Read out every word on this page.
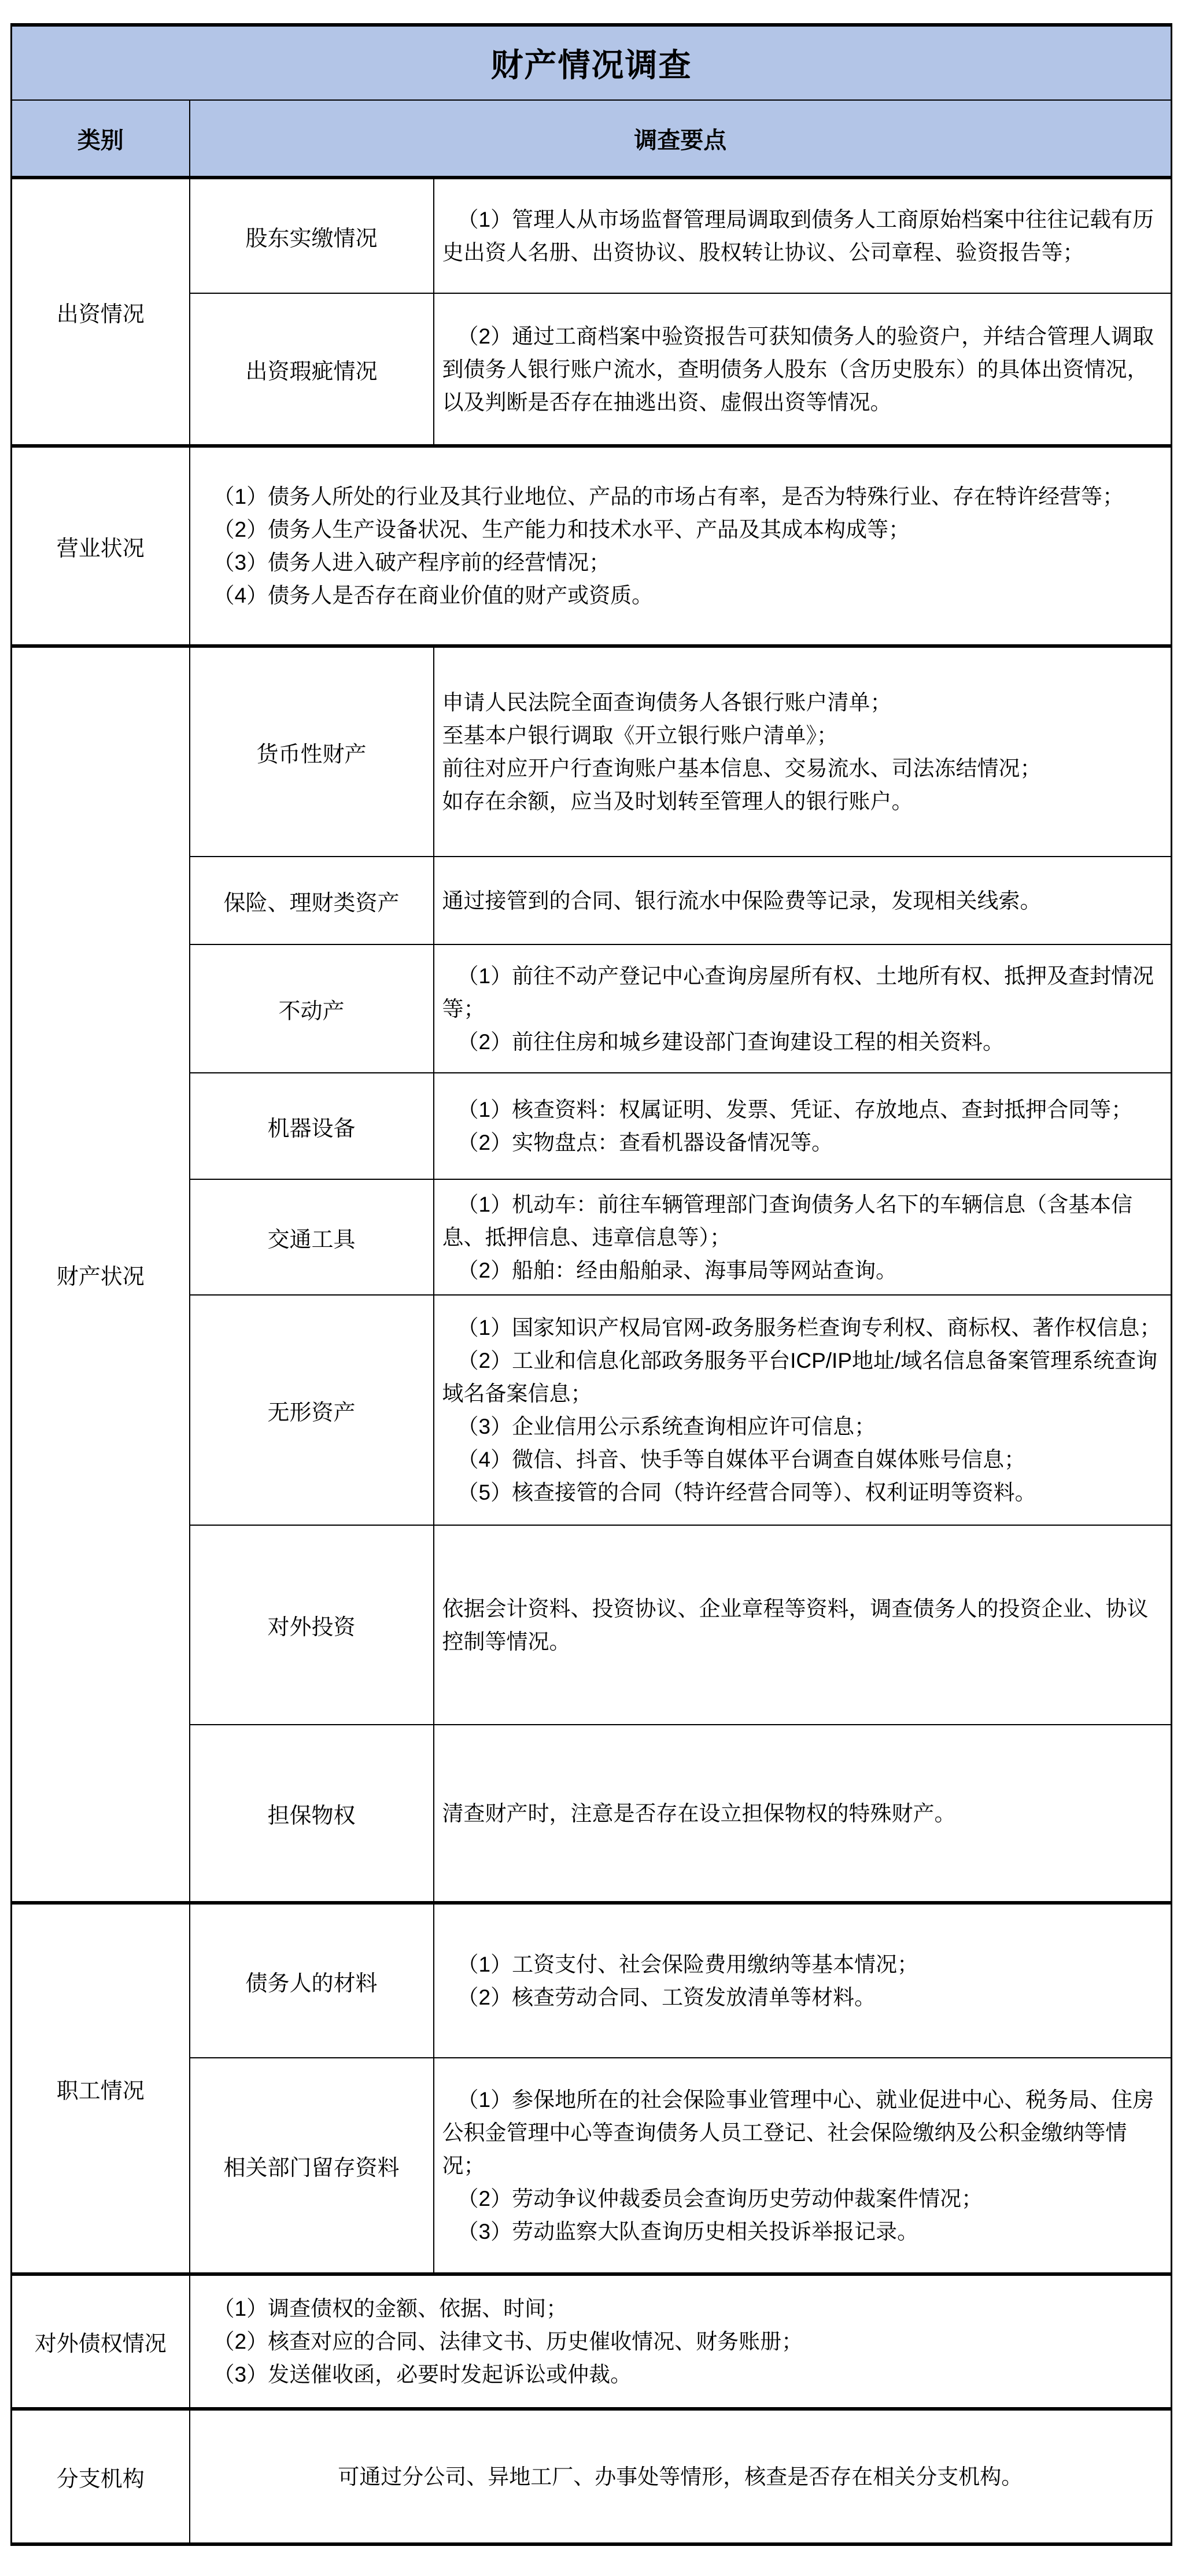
财产情况调查		
类别	调查要点	
出资情况	股东实缴情况	（1）管理人从市场监督管理局调取到债务人工商原始档案中往往记载有历史出资人名册、出资协议、股权转让协议、公司章程、验资报告等；

	出资瑕疵情况	（2）通过工商档案中验资报告可获知债务人的验资户，并结合管理人调取到债务人银行账户流水，查明债务人股东（含历史股东）的具体出资情况，以及判断是否存在抽逃出资、虚假出资等情况。

营业状况	（1）债务人所处的行业及其行业地位、产品的市场占有率，是否为特殊行业、存在特许经营等；

（2）债务人生产设备状况、生产能力和技术水平、产品及其成本构成等；

（3）债务人进入破产程序前的经营情况；

（4）债务人是否存在商业价值的财产或资质。	

财产状况	货币性财产	申请人民法院全面查询债务人各银行账户清单；

至基本户银行调取《开立银行账户清单》；

前往对应开户行查询账户基本信息、交易流水、司法冻结情况；

如存在余额，应当及时划转至管理人的银行账户。

	保险、理财类资产	通过接管到的合同、银行流水中保险费等记录，发现相关线索。

	不动产	（1）前往不动产登记中心查询房屋所有权、土地所有权、抵押及查封情况等；

（2）前往住房和城乡建设部门查询建设工程的相关资料。

	机器设备	（1）核查资料：权属证明、发票、凭证、存放地点、查封抵押合同等；

（2）实物盘点：查看机器设备情况等。

	交通工具	（1）机动车：前往车辆管理部门查询债务人名下的车辆信息（含基本信息、抵押信息、违章信息等）；

（2）船舶：经由船舶录、海事局等网站查询。

	无形资产	（1）国家知识产权局官网-政务服务栏查询专利权、商标权、著作权信息；

（2）工业和信息化部政务服务平台ICP/IP地址/域名信息备案管理系统查询域名备案信息；

（3）企业信用公示系统查询相应许可信息；

（4）微信、抖音、快手等自媒体平台调查自媒体账号信息；

（5）核查接管的合同（特许经营合同等）、权利证明等资料。

	对外投资	依据会计资料、投资协议、企业章程等资料，调查债务人的投资企业、协议控制等情况。

	担保物权	清查财产时，注意是否存在设立担保物权的特殊财产。

职工情况	债务人的材料	（1）工资支付、社会保险费用缴纳等基本情况；

（2）核查劳动合同、工资发放清单等材料。

	相关部门留存资料	（1）参保地所在的社会保险事业管理中心、就业促进中心、税务局、住房公积金管理中心等查询债务人员工登记、社会保险缴纳及公积金缴纳等情况；

（2）劳动争议仲裁委员会查询历史劳动仲裁案件情况；

（3）劳动监察大队查询历史相关投诉举报记录。

对外债权情况	（1）调查债权的金额、依据、时间；

（2）核查对应的合同、法律文书、历史催收情况、财务账册；

（3）发送催收函，必要时发起诉讼或仲裁。	

分支机构	可通过分公司、异地工厂、办事处等情形，核查是否存在相关分支机构。	
